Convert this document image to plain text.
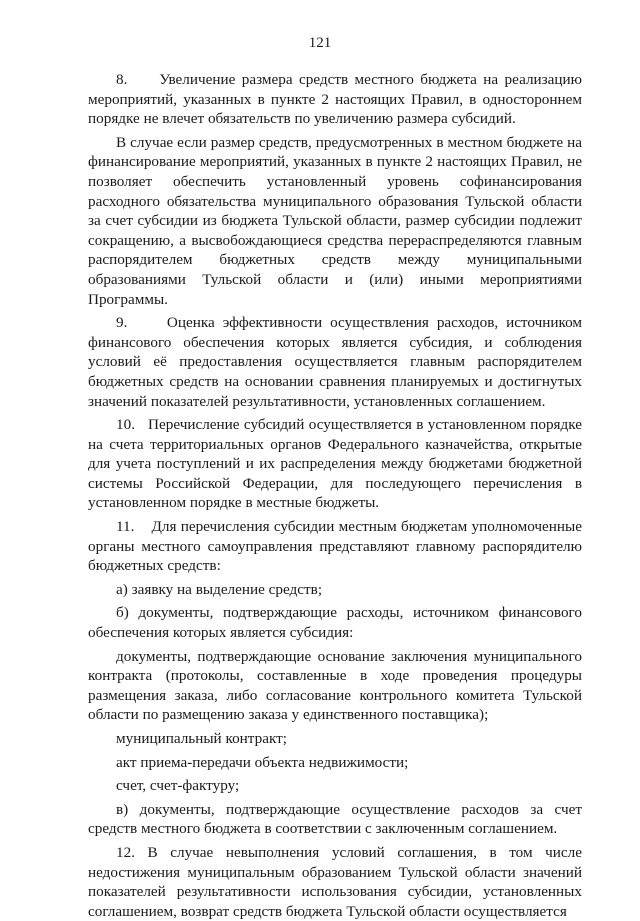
121

8.     Увеличение размера средств местного бюджета на реализацию мероприятий, указанных в пункте 2 настоящих Правил, в одностороннем порядке не влечет обязательств по увеличению размера субсидий.

В случае если размер средств, предусмотренных в местном бюджете на финансирование мероприятий, указанных в пункте 2 настоящих Правил, не позволяет обеспечить установленный уровень софинансирования расходного обязательства муниципального образования Тульской области за счет субсидии из бюджета Тульской области, размер субсидии подлежит сокращению, а высвобождающиеся средства перераспределяются главным распорядителем бюджетных средств между муниципальными образованиями Тульской области и (или) иными мероприятиями Программы.

9.     Оценка эффективности осуществления расходов, источником финансового обеспечения которых является субсидия, и соблюдения условий её предоставления осуществляется главным распорядителем бюджетных средств на основании сравнения планируемых и достигнутых значений показателей результативности, установленных соглашением.

10.   Перечисление субсидий осуществляется в установленном порядке на счета территориальных органов Федерального казначейства, открытые для учета поступлений и их распределения между бюджетами бюджетной системы Российской Федерации, для последующего перечисления в установленном порядке в местные бюджеты.

11.    Для перечисления субсидии местным бюджетам уполномоченные органы местного самоуправления представляют главному распорядителю бюджетных средств:

а) заявку на выделение средств;

б) документы, подтверждающие расходы, источником финансового обеспечения которых является субсидия:

документы, подтверждающие основание заключения муниципального контракта (протоколы, составленные в ходе проведения процедуры размещения заказа, либо согласование контрольного комитета Тульской области по размещению заказа у единственного поставщика);

муниципальный контракт;

акт приема-передачи объекта недвижимости;

счет, счет-фактуру;

в) документы, подтверждающие осуществление расходов за счет средств местного бюджета в соответствии с заключенным соглашением.

12. В случае невыполнения условий соглашения, в том числе недостижения муниципальным образованием Тульской области значений показателей результативности использования субсидии, установленных соглашением, возврат средств бюджета Тульской области осуществляется
